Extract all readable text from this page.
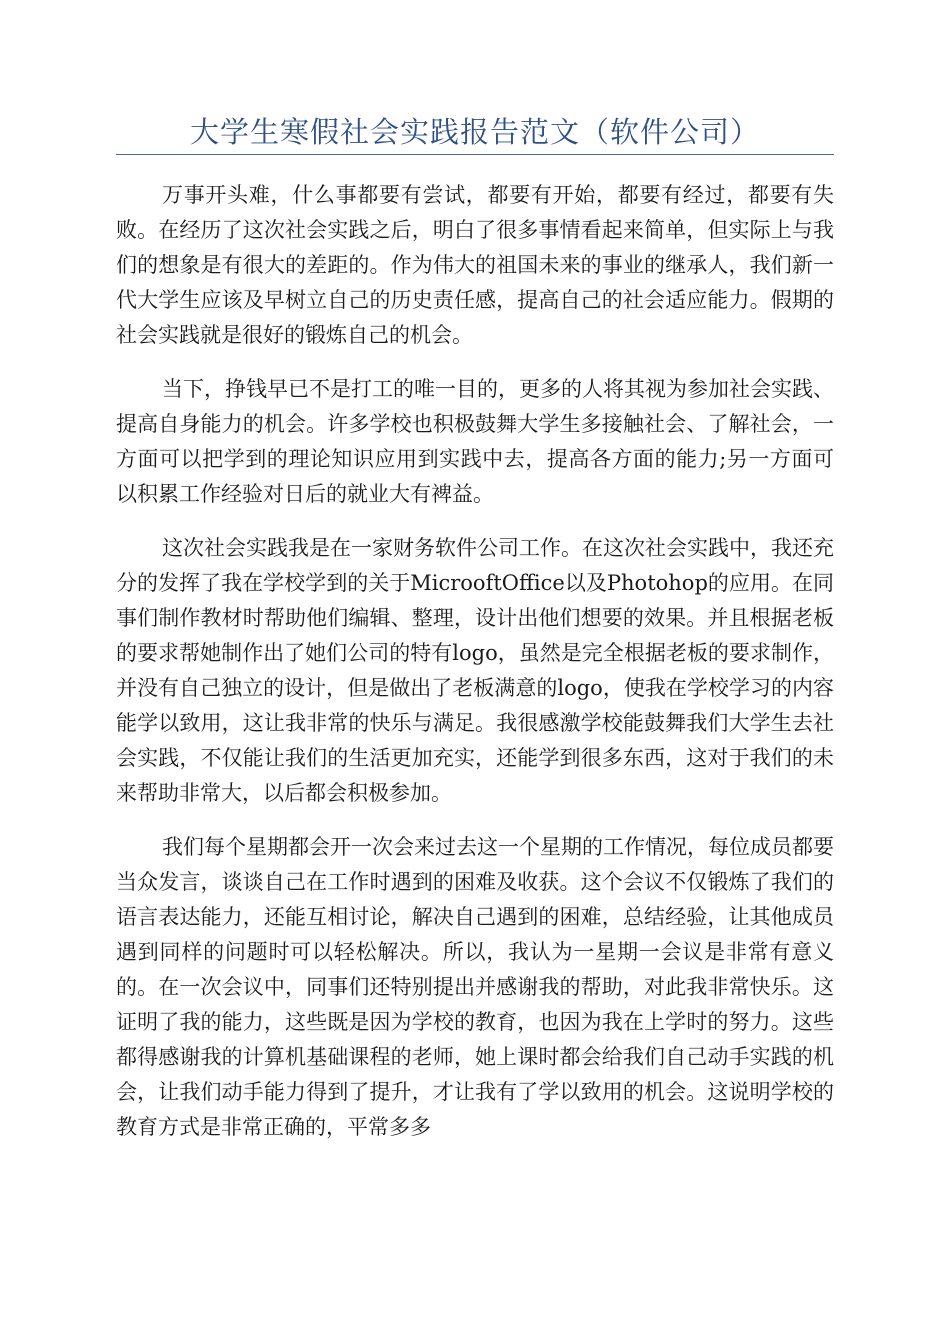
大学生寒假社会实践报告范文（软件公司）

万事开头难，什么事都要有尝试，都要有开始，都要有经过，都要有失败。在经历了这次社会实践之后，明白了很多事情看起来简单，但实际上与我们的想象是有很大的差距的。作为伟大的祖国未来的事业的继承人，我们新一代大学生应该及早树立自己的历史责任感，提高自己的社会适应能力。假期的社会实践就是很好的锻炼自己的机会。

当下，挣钱早已不是打工的唯一目的，更多的人将其视为参加社会实践、提高自身能力的机会。许多学校也积极鼓舞大学生多接触社会、了解社会，一方面可以把学到的理论知识应用到实践中去，提高各方面的能力;另一方面可以积累工作经验对日后的就业大有裨益。

这次社会实践我是在一家财务软件公司工作。在这次社会实践中，我还充分的发挥了我在学校学到的关于MicrooftOffice以及Photohop的应用。在同事们制作教材时帮助他们编辑、整理，设计出他们想要的效果。并且根据老板的要求帮她制作出了她们公司的特有logo，虽然是完全根据老板的要求制作，并没有自己独立的设计，但是做出了老板满意的logo，使我在学校学习的内容能学以致用，这让我非常的快乐与满足。我很感激学校能鼓舞我们大学生去社会实践，不仅能让我们的生活更加充实，还能学到很多东西，这对于我们的未来帮助非常大，以后都会积极参加。

我们每个星期都会开一次会来过去这一个星期的工作情况，每位成员都要当众发言，谈谈自己在工作时遇到的困难及收获。这个会议不仅锻炼了我们的语言表达能力，还能互相讨论，解决自己遇到的困难，总结经验，让其他成员遇到同样的问题时可以轻松解决。所以，我认为一星期一会议是非常有意义的。在一次会议中，同事们还特别提出并感谢我的帮助，对此我非常快乐。这证明了我的能力，这些既是因为学校的教育，也因为我在上学时的努力。这些都得感谢我的计算机基础课程的老师，她上课时都会给我们自己动手实践的机会，让我们动手能力得到了提升，才让我有了学以致用的机会。这说明学校的教育方式是非常正确的，平常多多
